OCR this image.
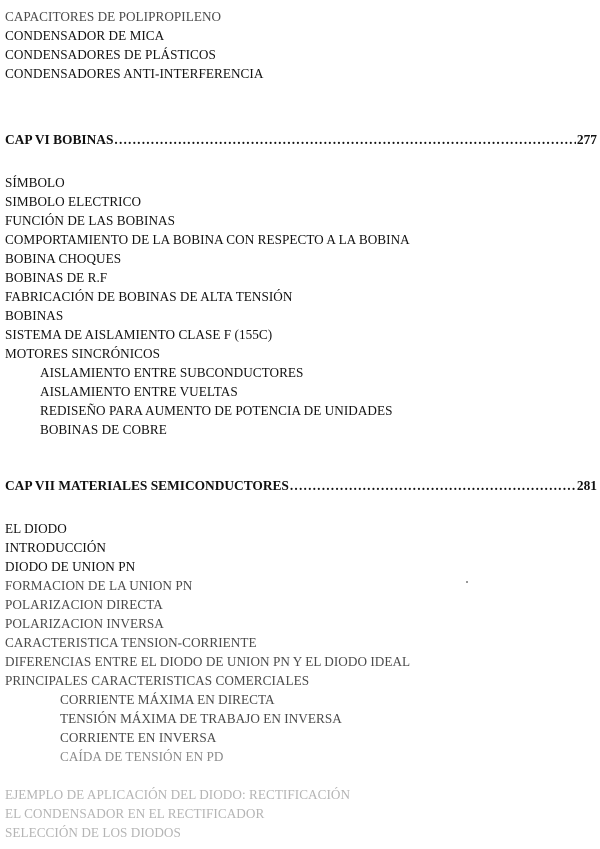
CAPACITORES DE POLIPROPILENO
CONDENSADOR DE MICA
CONDENSADORES DE PLÁSTICOS
CONDENSADORES ANTI-INTERFERENCIA
CAP VI BOBINAS .....	277
SÍMBOLO
SIMBOLO ELECTRICO
FUNCIÓN DE LAS BOBINAS
COMPORTAMIENTO DE LA BOBINA CON RESPECTO A LA BOBINA
BOBINA CHOQUES
BOBINAS DE R.F
FABRICACIÓN DE BOBINAS DE ALTA TENSIÓN
BOBINAS
SISTEMA DE AISLAMIENTO CLASE F (155C)
MOTORES SINCRÓNICOS
AISLAMIENTO ENTRE SUBCONDUCTORES
AISLAMIENTO ENTRE VUELTAS
REDISEÑO PARA AUMENTO DE POTENCIA DE UNIDADES
BOBINAS DE COBRE
CAP VII MATERIALES SEMICONDUCTORES .....	281
EL DIODO
INTRODUCCIÓN
DIODO DE UNION PN
FORMACION DE LA UNION PN
POLARIZACION DIRECTA
POLARIZACION INVERSA
CARACTERISTICA TENSION-CORRIENTE
DIFERENCIAS ENTRE EL DIODO DE UNION PN Y EL DIODO IDEAL
PRINCIPALES CARACTERISTICAS COMERCIALES
CORRIENTE MÁXIMA EN DIRECTA
TENSIÓN MÁXIMA DE TRABAJO EN INVERSA
CORRIENTE EN INVERSA
CAÍDA DE TENSIÓN EN PD
EJEMPLO DE APLICACIÓN DEL DIODO: RECTIFICACIÓN
EL CONDENSADOR EN EL RECTIFICADOR
SELECCIÓN DE LOS DIODOS
